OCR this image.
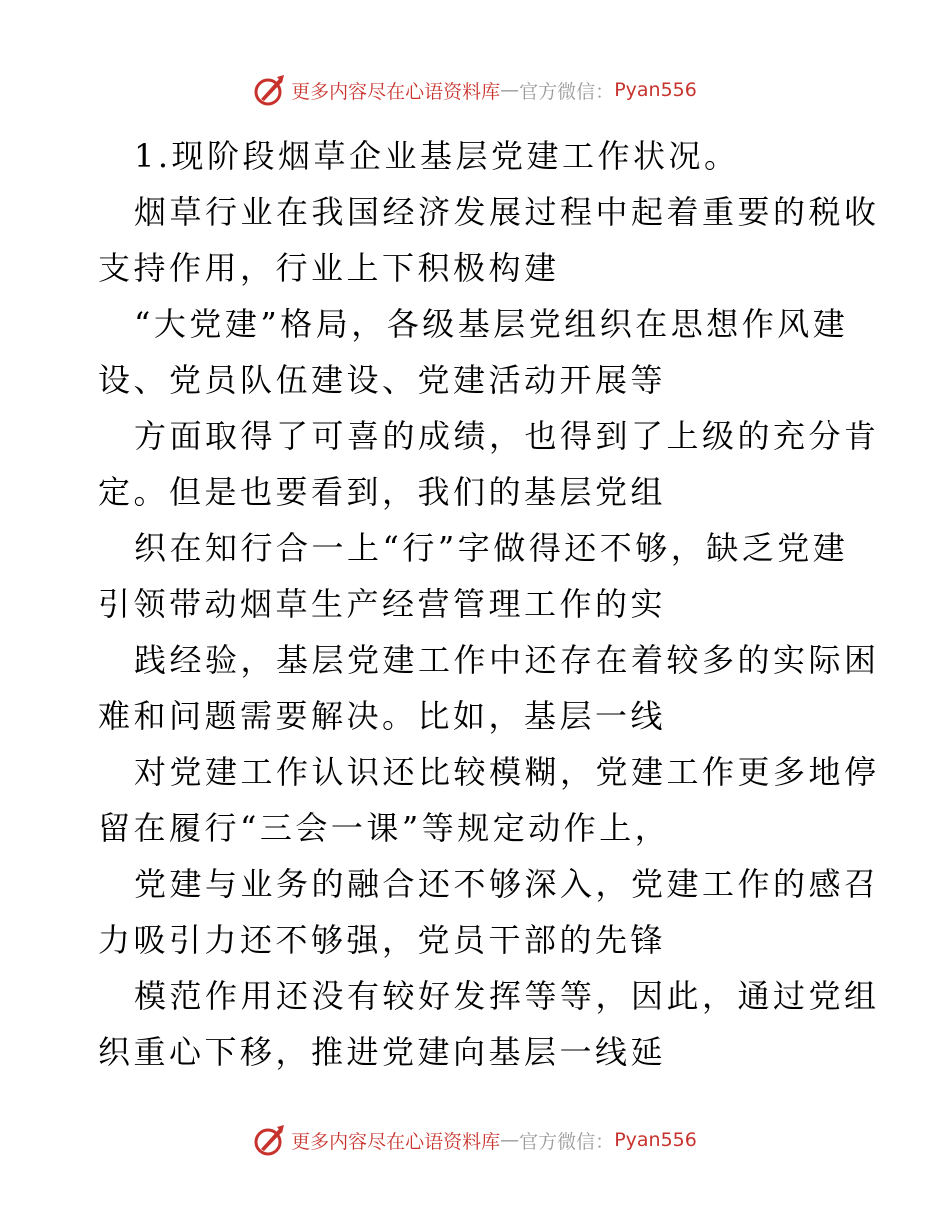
更多内容尽在心语资料库 — 官方微信： Pyan556
1.现阶段烟草企业基层党建工作状况。
烟草行业在我国经济发展过程中起着重要的税收
支持作用，行业上下积极构建
“大党建”格局，各级基层党组织在思想作风建
设、党员队伍建设、党建活动开展等
方面取得了可喜的成绩，也得到了上级的充分肯
定。但是也要看到，我们的基层党组
织在知行合一上“行”字做得还不够，缺乏党建
引领带动烟草生产经营管理工作的实
践经验，基层党建工作中还存在着较多的实际困
难和问题需要解决。比如，基层一线
对党建工作认识还比较模糊，党建工作更多地停
留在履行“三会一课”等规定动作上，
党建与业务的融合还不够深入，党建工作的感召
力吸引力还不够强，党员干部的先锋
模范作用还没有较好发挥等等，因此，通过党组
织重心下移，推进党建向基层一线延
更多内容尽在心语资料库 — 官方微信： Pyan556
